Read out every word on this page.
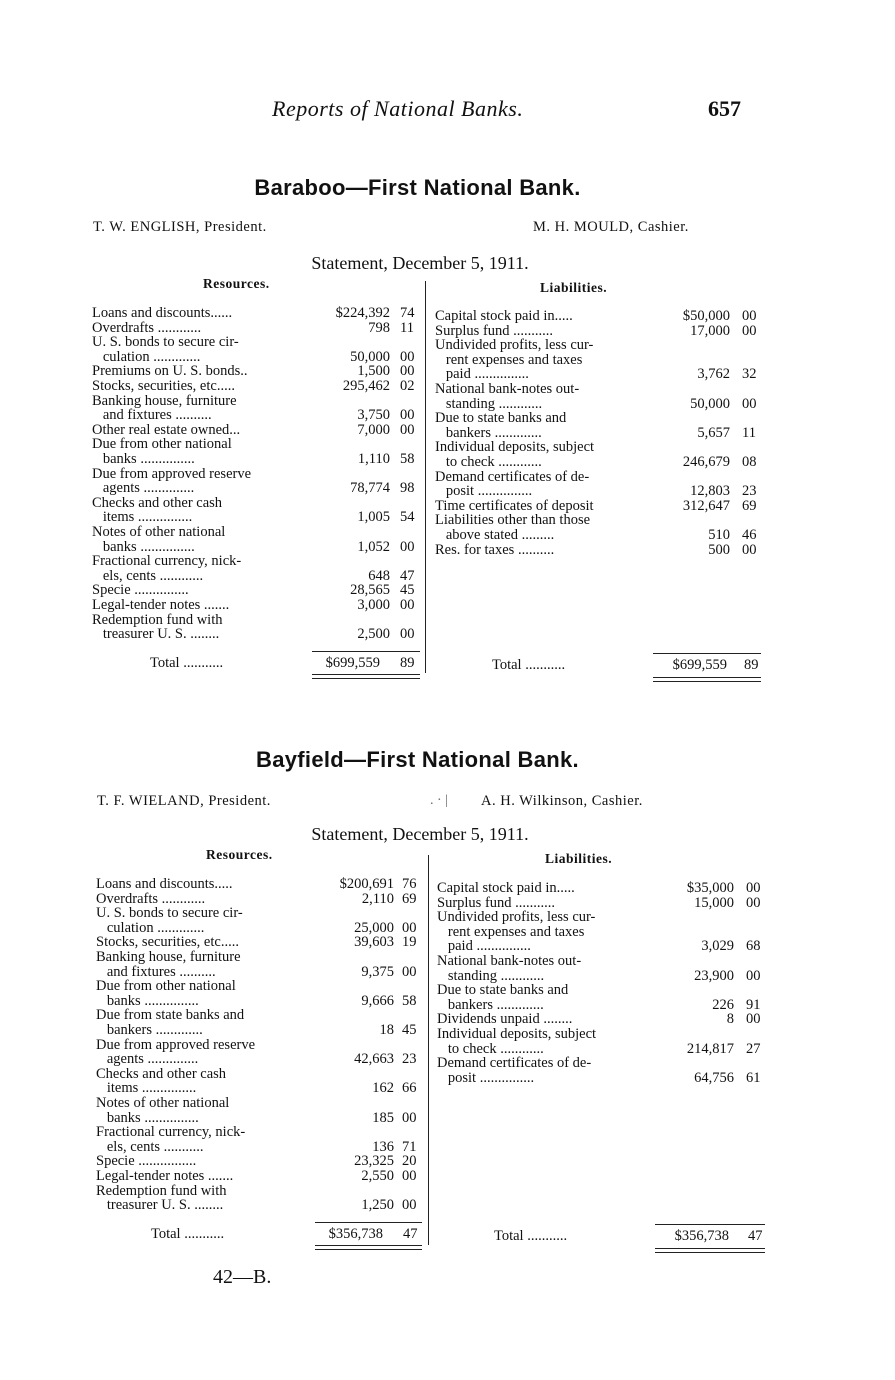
Reports of National Banks.	657
Baraboo—First National Bank.
T. W. ENGLISH, President.	M. H. MOULD, Cashier.
Statement, December 5, 1911.
Resources.	Liabilities.
Loans and discounts......	$224,392 74
Overdrafts ............	798 11
U. S. bonds to secure cir-
culation .............	50,000 00
Premiums on U. S. bonds..	1,500 00
Stocks, securities, etc.....	295,462 02
Banking house, furniture
and fixtures ..........	3,750 00
Other real estate owned...	7,000 00
Due from other national
banks ...............	1,110 58
Due from approved reserve
agents ..............	78,774 98
Checks and other cash
items ...............	1,005 54
Notes of other national
banks ...............	1,052 00
Fractional currency, nick-
els, cents ............	648 47
Specie ...............	28,565 45
Legal-tender notes .......	3,000 00
Redemption fund with
treasurer U. S. ........	2,500 00
Capital stock paid in.....	$50,000 00
Surplus fund ...........	17,000 00
Undivided profits, less cur-
rent expenses and taxes
paid ...............	3,762 32
National bank-notes out-
standing ............	50,000 00
Due to state banks and
bankers .............	5,657 11
Individual deposits, subject
to check ............	246,679 08
Demand certificates of de-
posit ...............	12,803 23
Time certificates of deposit	312,647 69
Liabilities other than those
above stated .........	510 46
Res. for taxes ..........	500 00
Total ...........	$699,559 89	Total ...........	$699,559 89
Bayfield—First National Bank.
T. F. WIELAND, President.	. · | A. H. Wilkinson, Cashier.
Statement, December 5, 1911.
Resources.	Liabilities.
Loans and discounts.....	$200,691 76
Overdrafts ............	2,110 69
U. S. bonds to secure cir-
culation .............	25,000 00
Stocks, securities, etc.....	39,603 19
Banking house, furniture
and fixtures ..........	9,375 00
Due from other national
banks ...............	9,666 58
Due from state banks and
bankers .............	18 45
Due from approved reserve
agents ..............	42,663 23
Checks and other cash
items ...............	162 66
Notes of other national
banks ...............	185 00
Fractional currency, nick-
els, cents ...........	136 71
Specie ................	23,325 20
Legal-tender notes .......	2,550 00
Redemption fund with
treasurer U. S. ........	1,250 00
Capital stock paid in.....	$35,000 00
Surplus fund ...........	15,000 00
Undivided profits, less cur-
rent expenses and taxes
paid ...............	3,029 68
National bank-notes out-
standing ............	23,900 00
Due to state banks and
bankers .............	226 91
Dividends unpaid ........	8 00
Individual deposits, subject
to check ............	214,817 27
Demand certificates of de-
posit ...............	64,756 61
Total ...........	$356,738 47	Total ...........	$356,738 47
42—B.
